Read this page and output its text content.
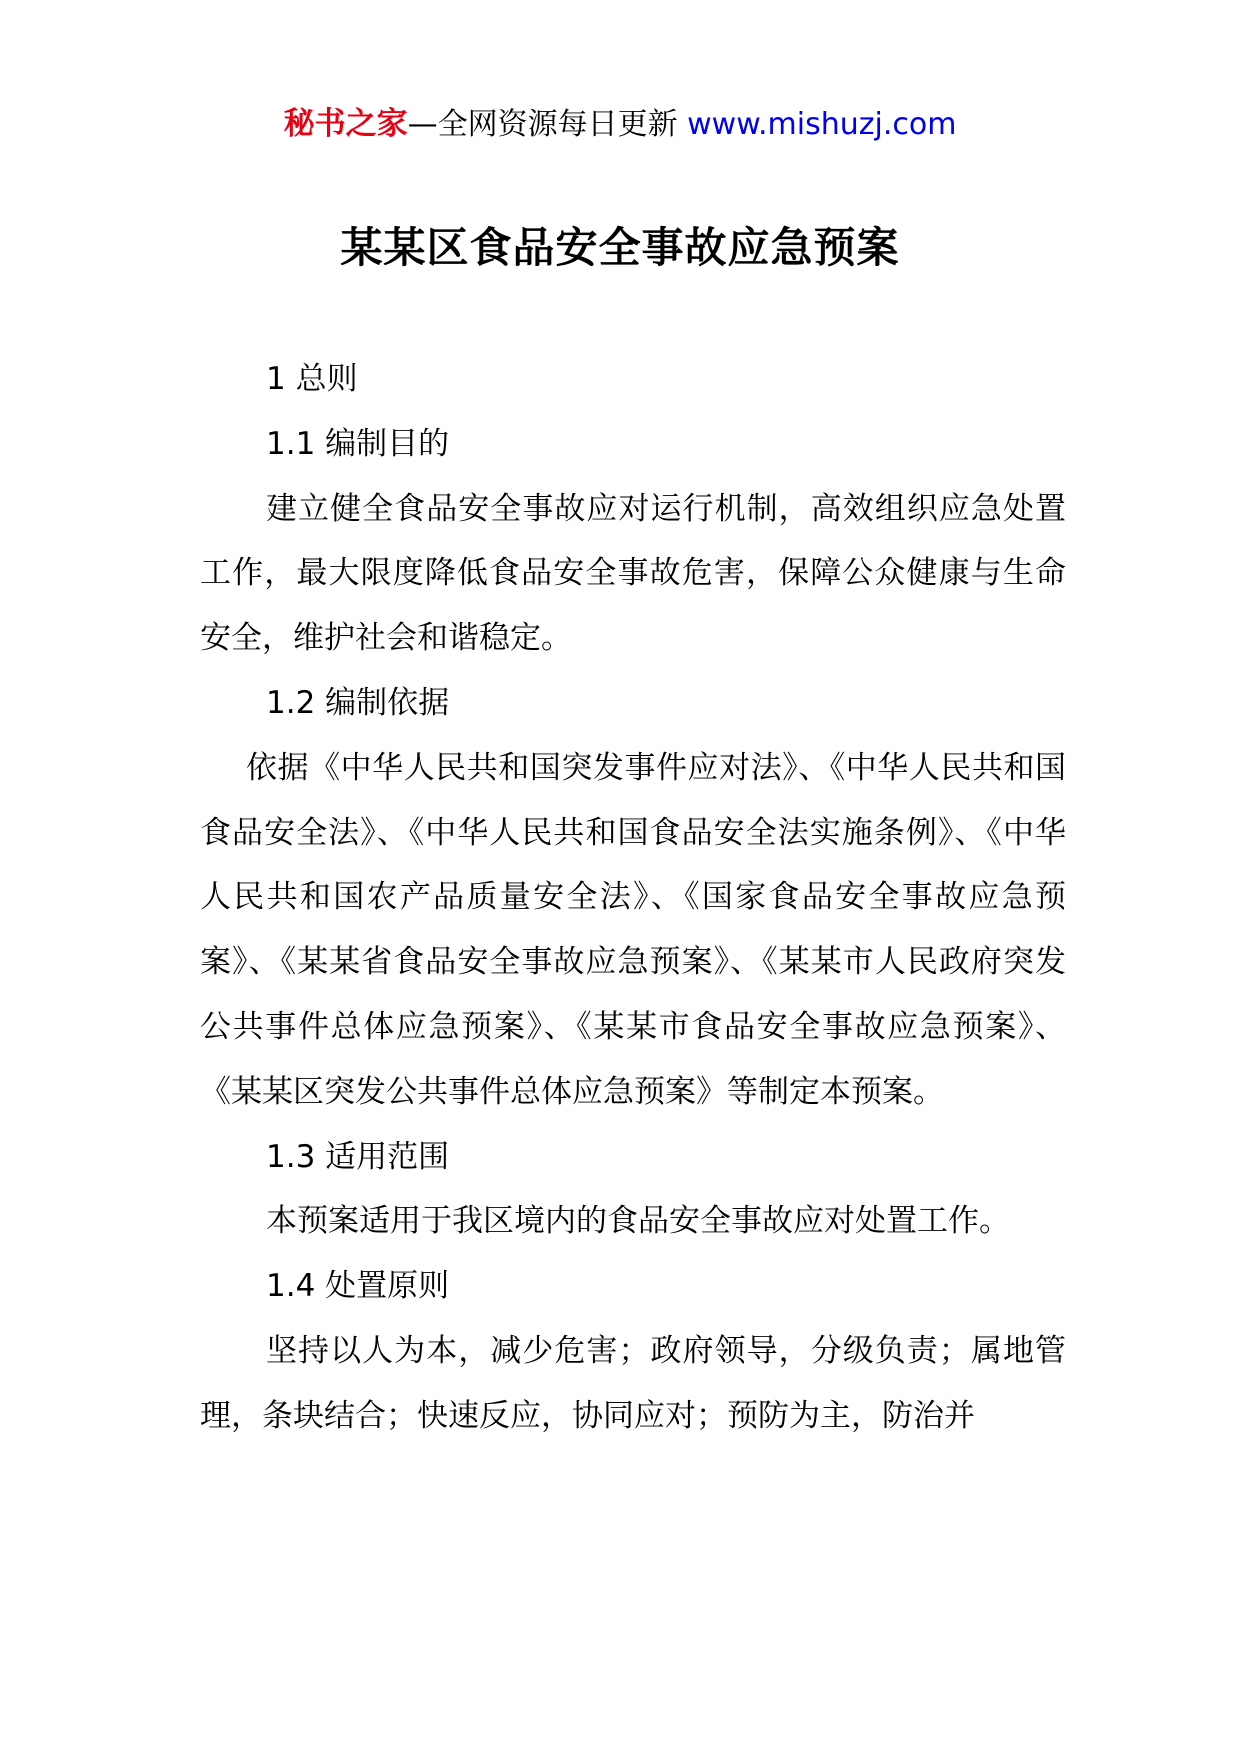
秘书之家—全网资源每日更新 www.mishuzj.com
某某区食品安全事故应急预案

1 总则

1.1 编制目的

建立健全食品安全事故应对运行机制，高效组织应急处置工作，最大限度降低食品安全事故危害，保障公众健康与生命安全，维护社会和谐稳定。

1.2 编制依据

依据《中华人民共和国突发事件应对法》、《中华人民共和国食品安全法》、《中华人民共和国食品安全法实施条例》、《中华人民共和国农产品质量安全法》、《国家食品安全事故应急预案》、《某某省食品安全事故应急预案》、《某某市人民政府突发公共事件总体应急预案》、《某某市食品安全事故应急预案》、《某某区突发公共事件总体应急预案》等制定本预案。

1.3 适用范围

本预案适用于我区境内的食品安全事故应对处置工作。

1.4 处置原则

坚持以人为本，减少危害；政府领导，分级负责；属地管理，条块结合；快速反应，协同应对；预防为主，防治并
